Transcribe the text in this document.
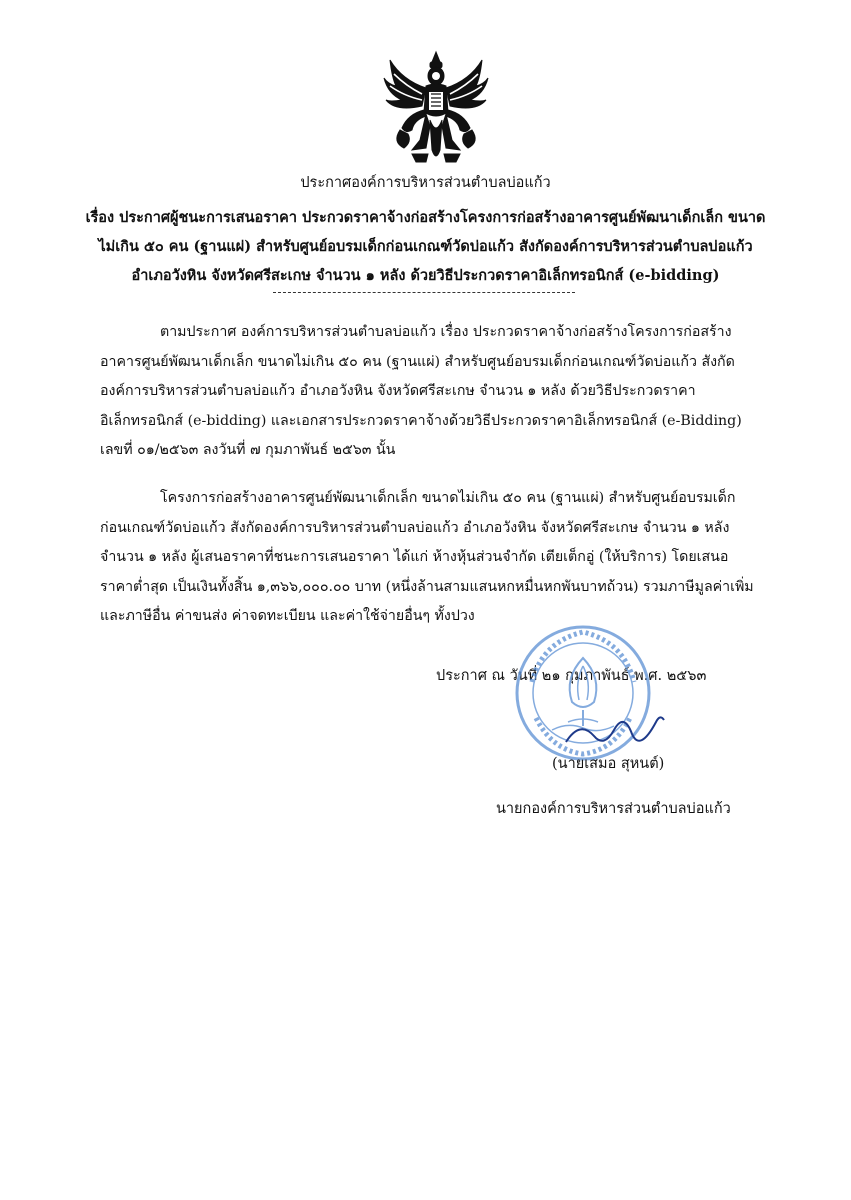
ประกาศองค์การบริหารส่วนตำบลบ่อแก้ว
เรื่อง ประกาศผู้ชนะการเสนอราคา ประกวดราคาจ้างก่อสร้างโครงการก่อสร้างอาคารศูนย์พัฒนาเด็กเล็ก ขนาดไม่เกิน ๕๐ คน (ฐานแผ่) สำหรับศูนย์อบรมเด็กก่อนเกณฑ์วัดบ่อแก้ว สังกัดองค์การบริหารส่วนตำบลบ่อแก้ว อำเภอวังหิน จังหวัดศรีสะเกษ จำนวน ๑ หลัง ด้วยวิธีประกวดราคาอิเล็กทรอนิกส์ (e-bidding)
ตามประกาศ องค์การบริหารส่วนตำบลบ่อแก้ว เรื่อง ประกวดราคาจ้างก่อสร้างโครงการก่อสร้างอาคารศูนย์พัฒนาเด็กเล็ก ขนาดไม่เกิน ๕๐ คน (ฐานแผ่) สำหรับศูนย์อบรมเด็กก่อนเกณฑ์วัดบ่อแก้ว สังกัดองค์การบริหารส่วนตำบลบ่อแก้ว อำเภอวังหิน จังหวัดศรีสะเกษ จำนวน ๑ หลัง ด้วยวิธีประกวดราคาอิเล็กทรอนิกส์ (e-bidding) และเอกสารประกวดราคาจ้างด้วยวิธีประกวดราคาอิเล็กทรอนิกส์ (e-Bidding) เลขที่ ๐๑/๒๕๖๓ ลงวันที่ ๗ กุมภาพันธ์ ๒๕๖๓ นั้น
โครงการก่อสร้างอาคารศูนย์พัฒนาเด็กเล็ก ขนาดไม่เกิน ๕๐ คน (ฐานแผ่) สำหรับศูนย์อบรมเด็กก่อนเกณฑ์วัดบ่อแก้ว สังกัดองค์การบริหารส่วนตำบลบ่อแก้ว อำเภอวังหิน จังหวัดศรีสะเกษ จำนวน ๑ หลัง จำนวน ๑ หลัง ผู้เสนอราคาที่ชนะการเสนอราคา ได้แก่ ห้างหุ้นส่วนจำกัด เตียเต็กอู่ (ให้บริการ) โดยเสนอราคาต่ำสุด เป็นเงินทั้งสิ้น ๑,๓๖๖,๐๐๐.๐๐ บาท (หนึ่งล้านสามแสนหกหมื่นหกพันบาทถ้วน) รวมภาษีมูลค่าเพิ่มและภาษีอื่น ค่าขนส่ง ค่าจดทะเบียน และค่าใช้จ่ายอื่นๆ ทั้งปวง
ประกาศ ณ วันที่ ๒๑ กุมภาพันธ์ พ.ศ. ๒๕๖๓
(นายเสมอ สุหนต์)
นายกองค์การบริหารส่วนตำบลบ่อแก้ว
